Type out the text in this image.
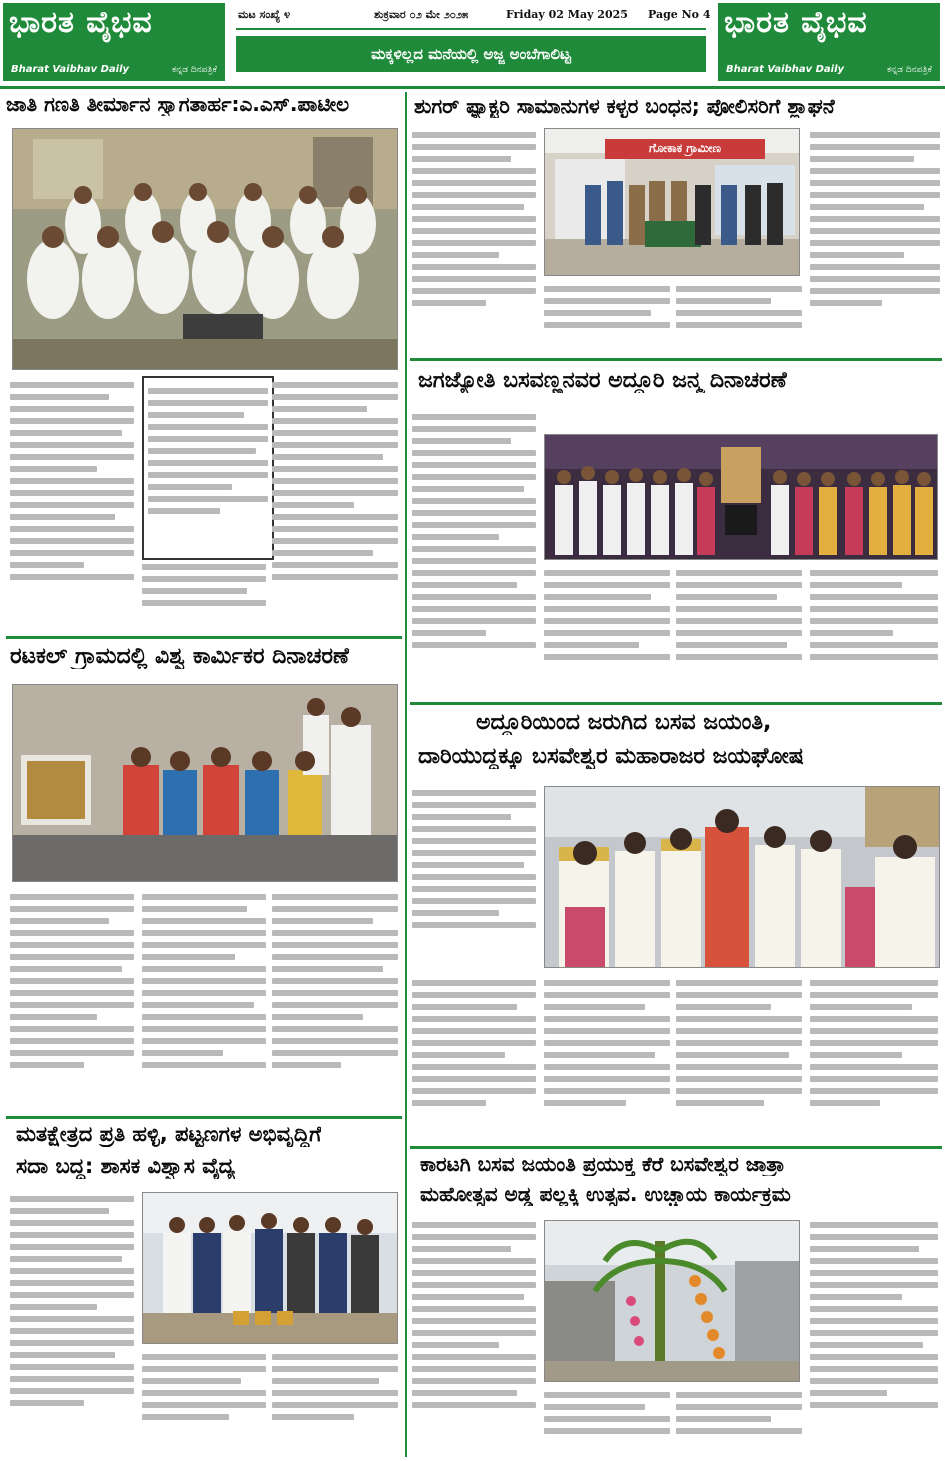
ಭಾರತ ವೈಭವ
Bharat Vaibhav Daily	ಕನ್ನಡ ದಿನಪತ್ರಿಕೆ
ಮಟ ಸಂಖ್ಯೆ ೪	ಶುಕ್ರವಾರ ೦೨ ಮೇ ೨೦೨೫	Friday 02 May 2025 Page No 4
ಮಕ್ಕಳಿಲ್ಲದ ಮನೆಯಲ್ಲಿ ಅಜ್ಜ ಅಂಬೆಗಾಲಿಟ್ಟ
ಭಾರತ ವೈಭವ
Bharat Vaibhav Daily	ಕನ್ನಡ ದಿನಪತ್ರಿಕೆ
ಜಾತಿ ಗಣತಿ ತೀರ್ಮಾನ ಸ್ವಾಗತಾರ್ಹ:ಎ.ಎಸ್.ಪಾಟೀಲ
ರಟಕಲ್ ಗ್ರಾಮದಲ್ಲಿ ವಿಶ್ವ ಕಾರ್ಮಿಕರ ದಿನಾಚರಣೆ
ಮತಕ್ಷೇತ್ರದ ಪ್ರತಿ ಹಳ್ಳಿ, ಪಟ್ಟಣಗಳ ಅಭಿವೃದ್ಧಿಗೆ
ಸದಾ ಬದ್ಧ: ಶಾಸಕ ವಿಶ್ವಾಸ ವೈದ್ಯ
ಶುಗರ್ ಫ್ಯಾಕ್ಟರಿ ಸಾಮಾನುಗಳ ಕಳ್ಳರ ಬಂಧನ; ಪೋಲಿಸರಿಗೆ ಶ್ಲಾಘನೆ
ಗೋಕಾಕ ಗ್ರಾಮೀಣ
ಜಗಜ್ಯೋತಿ ಬಸವಣ್ಣನವರ ಅದ್ದೂರಿ ಜನ್ಮ ದಿನಾಚರಣೆ
ಅದ್ದೂರಿಯಿಂದ ಜರುಗಿದ ಬಸವ ಜಯಂತಿ,
ದಾರಿಯುದ್ದಕ್ಕೂ ಬಸವೇಶ್ವರ ಮಹಾರಾಜರ ಜಯಘೋಷ
ಕಾರಟಗಿ ಬಸವ ಜಯಂತಿ ಪ್ರಯುಕ್ತ ಕೆರೆ ಬಸವೇಶ್ವರ ಜಾತ್ರಾ
ಮಹೋತ್ಸವ ಅಡ್ಡ ಪಲ್ಲಕ್ಕಿ ಉತ್ಸವ. ಉಚ್ಚಾಯ ಕಾರ್ಯಕ್ರಮ
